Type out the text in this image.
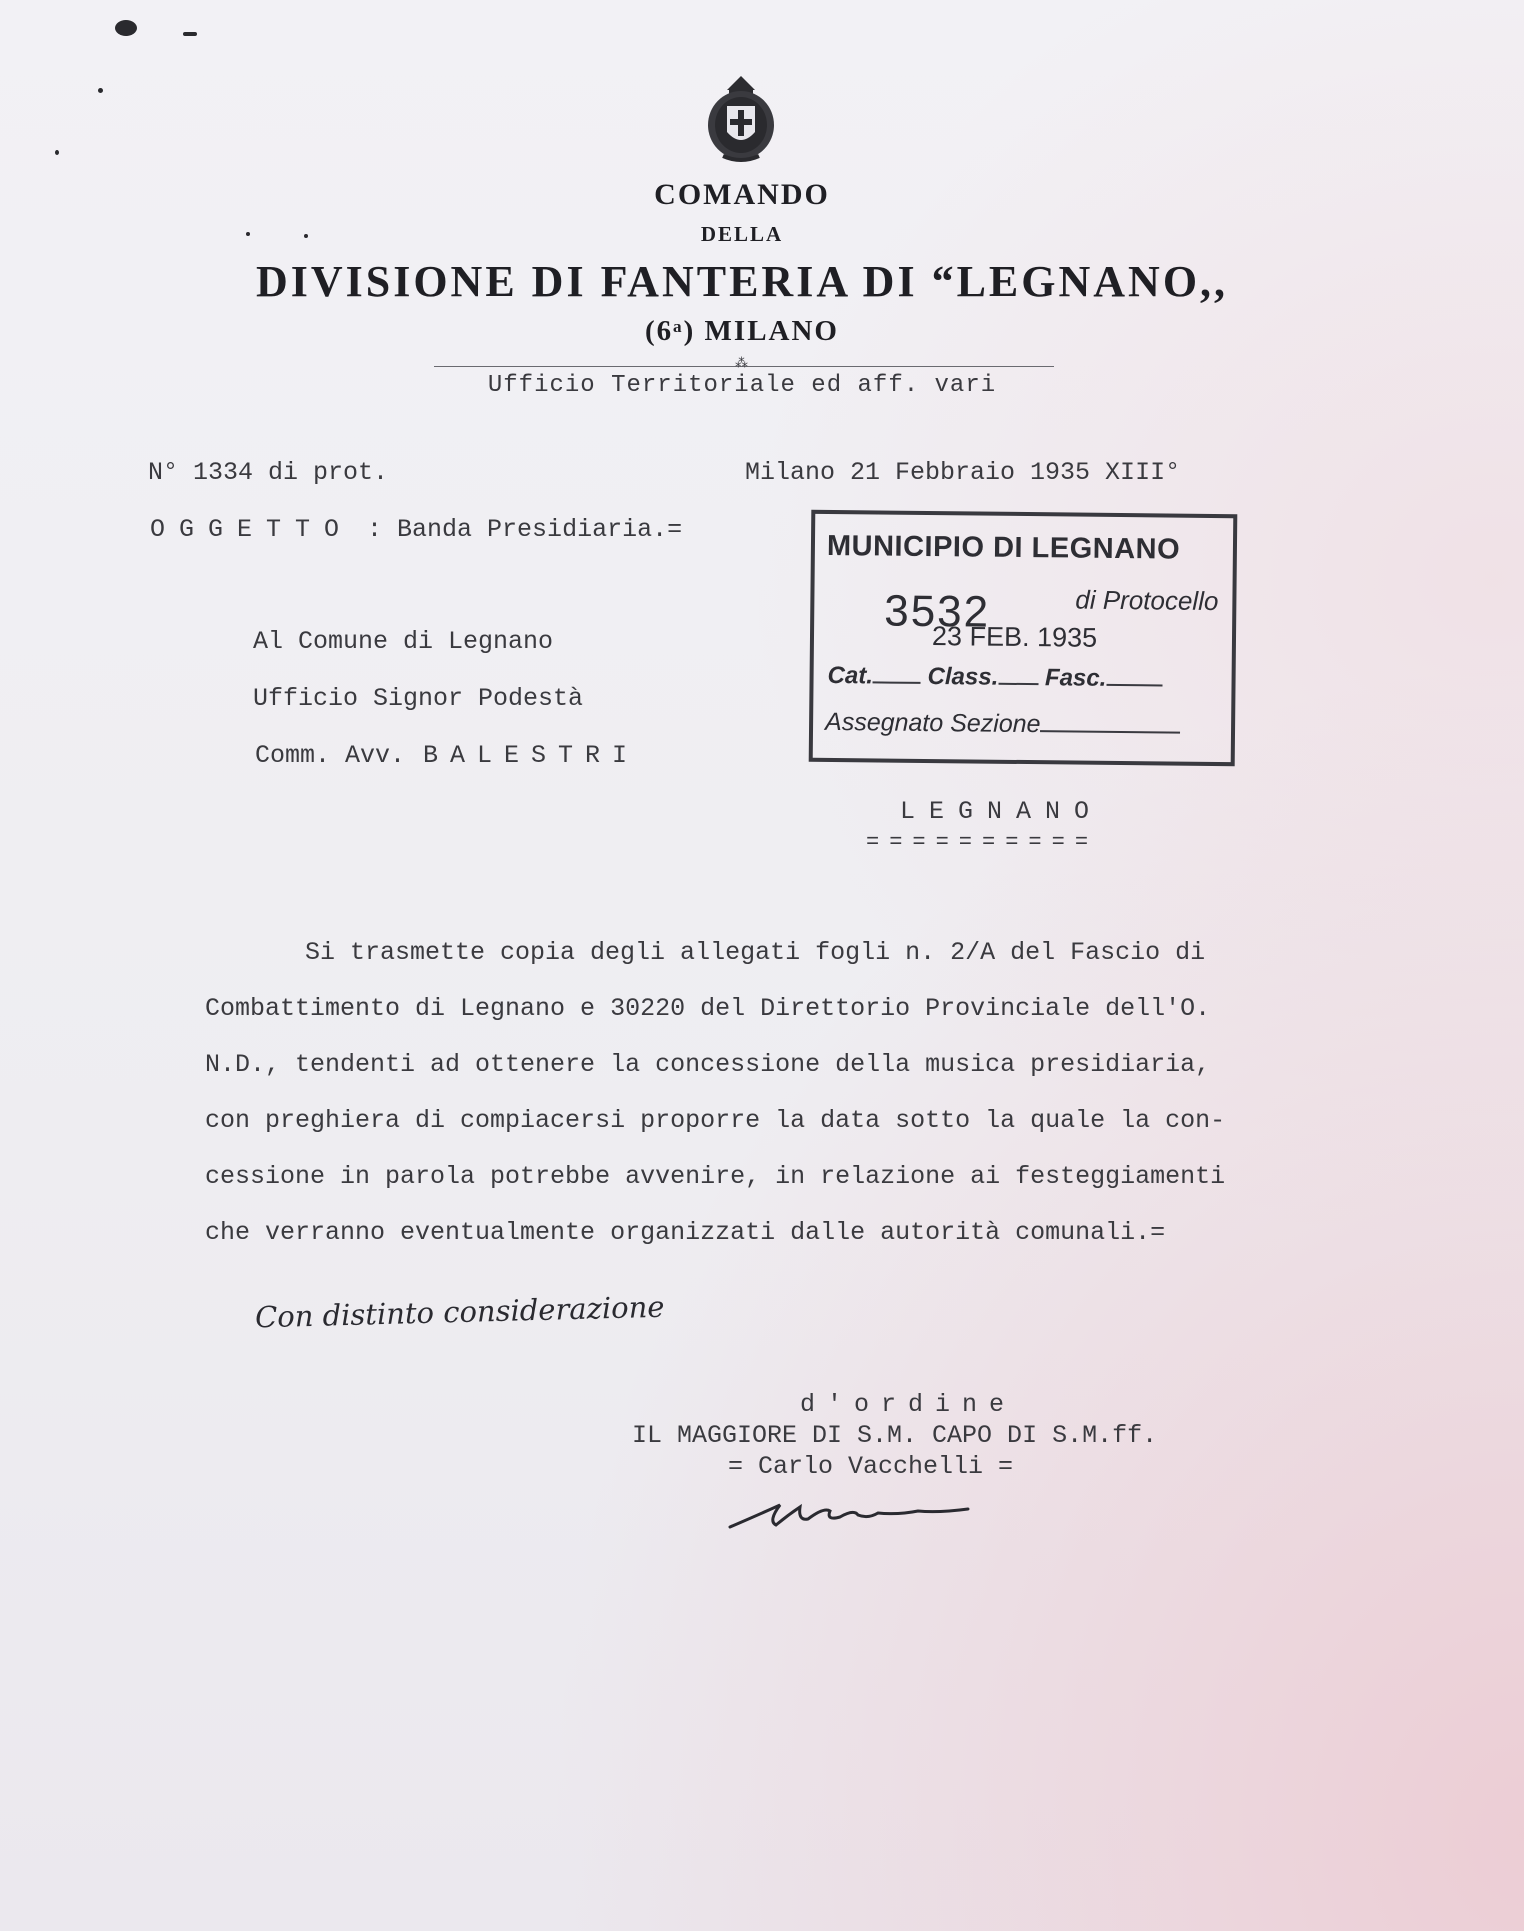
COMANDO
DELLA
DIVISIONE DI FANTERIA DI “LEGNANO,,
(6ᵃ) MILANO
⁂
Ufficio Territoriale ed aff. vari
N° 1334 di prot.	Milano 21 Febbraio 1935 XIII°
OGGETTO : Banda Presidiaria.=
Al Comune di Legnano
Ufficio Signor Podestà
Comm. Avv. BALESTRI
MUNICIPIO DI LEGNANO
3532	di Protocello
23 FEB. 1935
Cat. Class. Fasc.
Assegnato Sezione
LEGNANO
==========
Si trasmette copia degli allegati fogli n. 2/A del Fascio di
Combattimento di Legnano e 30220 del Direttorio Provinciale dell'O.
N.D., tendenti ad ottenere la concessione della musica presidiaria,
con preghiera di compiacersi proporre la data sotto la quale la con-
cessione in parola potrebbe avvenire, in relazione ai festeggiamenti
che verranno eventualmente organizzati dalle autorità comunali.=
Con distinto considerazione
d'ordine
IL MAGGIORE DI S.M. CAPO DI S.M.ff.
= Carlo Vacchelli =
